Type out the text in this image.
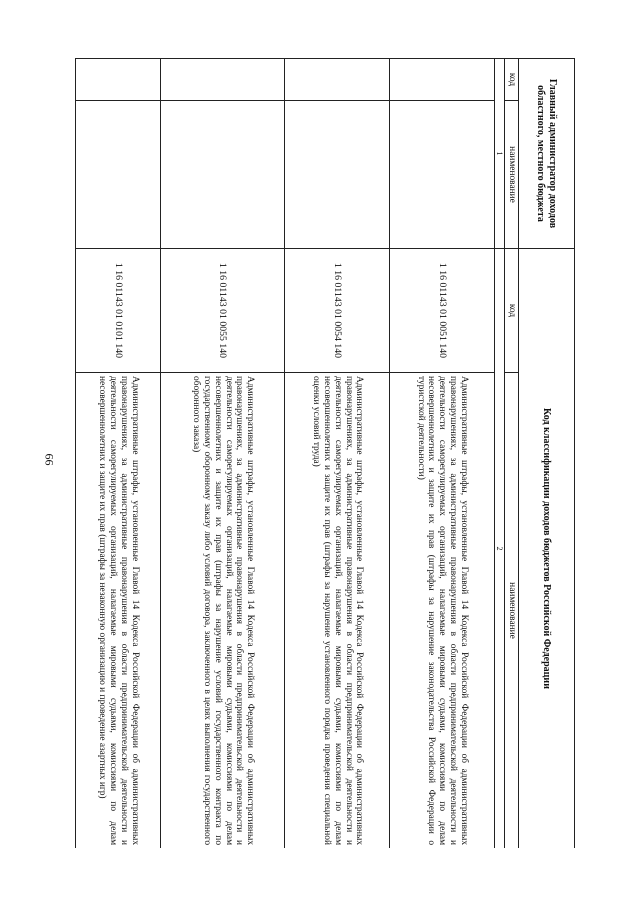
66
Главный администратор доходов областного, местного бюджета		Код классификации доходов бюджетов Российской Федерации	
код	наименование	код	наименование
1		2	
		1 16 01143 01 0051 140	Административные штрафы, установленные Главой 14 Кодекса Российской Федерации об административных правонарушениях, за административные правонарушения в области предпринимательской деятельности и деятельности саморегулируемых организаций, налагаемые мировыми судьями, комиссиями по делам несовершеннолетних и защите их прав (штрафы за нарушение законодательства Российской Федерации о туристской деятельности)
		1 16 01143 01 0054 140	Административные штрафы, установленные Главой 14 Кодекса Российской Федерации об административных правонарушениях, за административные правонарушения в области предпринимательской деятельности и деятельности саморегулируемых организаций, налагаемые мировыми судьями, комиссиями по делам несовершеннолетних и защите их прав (штрафы за нарушение установленного порядка проведения специальной оценки условий труда)
		1 16 01143 01 0055 140	Административные штрафы, установленные Главой 14 Кодекса Российской Федерации об административных правонарушениях, за административные правонарушения в области предпринимательской деятельности и деятельности саморегулируемых организаций, налагаемые мировыми судьями, комиссиями по делам несовершеннолетних и защите их прав (штрафы за нарушение условий государственного контракта по государственному оборонному заказу либо условий договора, заключенного в целях выполнения государственного оборонного заказа)
		1 16 01143 01 0101 140	Административные штрафы, установленные Главой 14 Кодекса Российской Федерации об административных правонарушениях, за административные правонарушения в области предпринимательской деятельности и деятельности саморегулируемых организаций, налагаемые мировыми судьями, комиссиями по делам несовершеннолетних и защите их прав (штрафы за незаконную организацию и проведение азартных игр)
